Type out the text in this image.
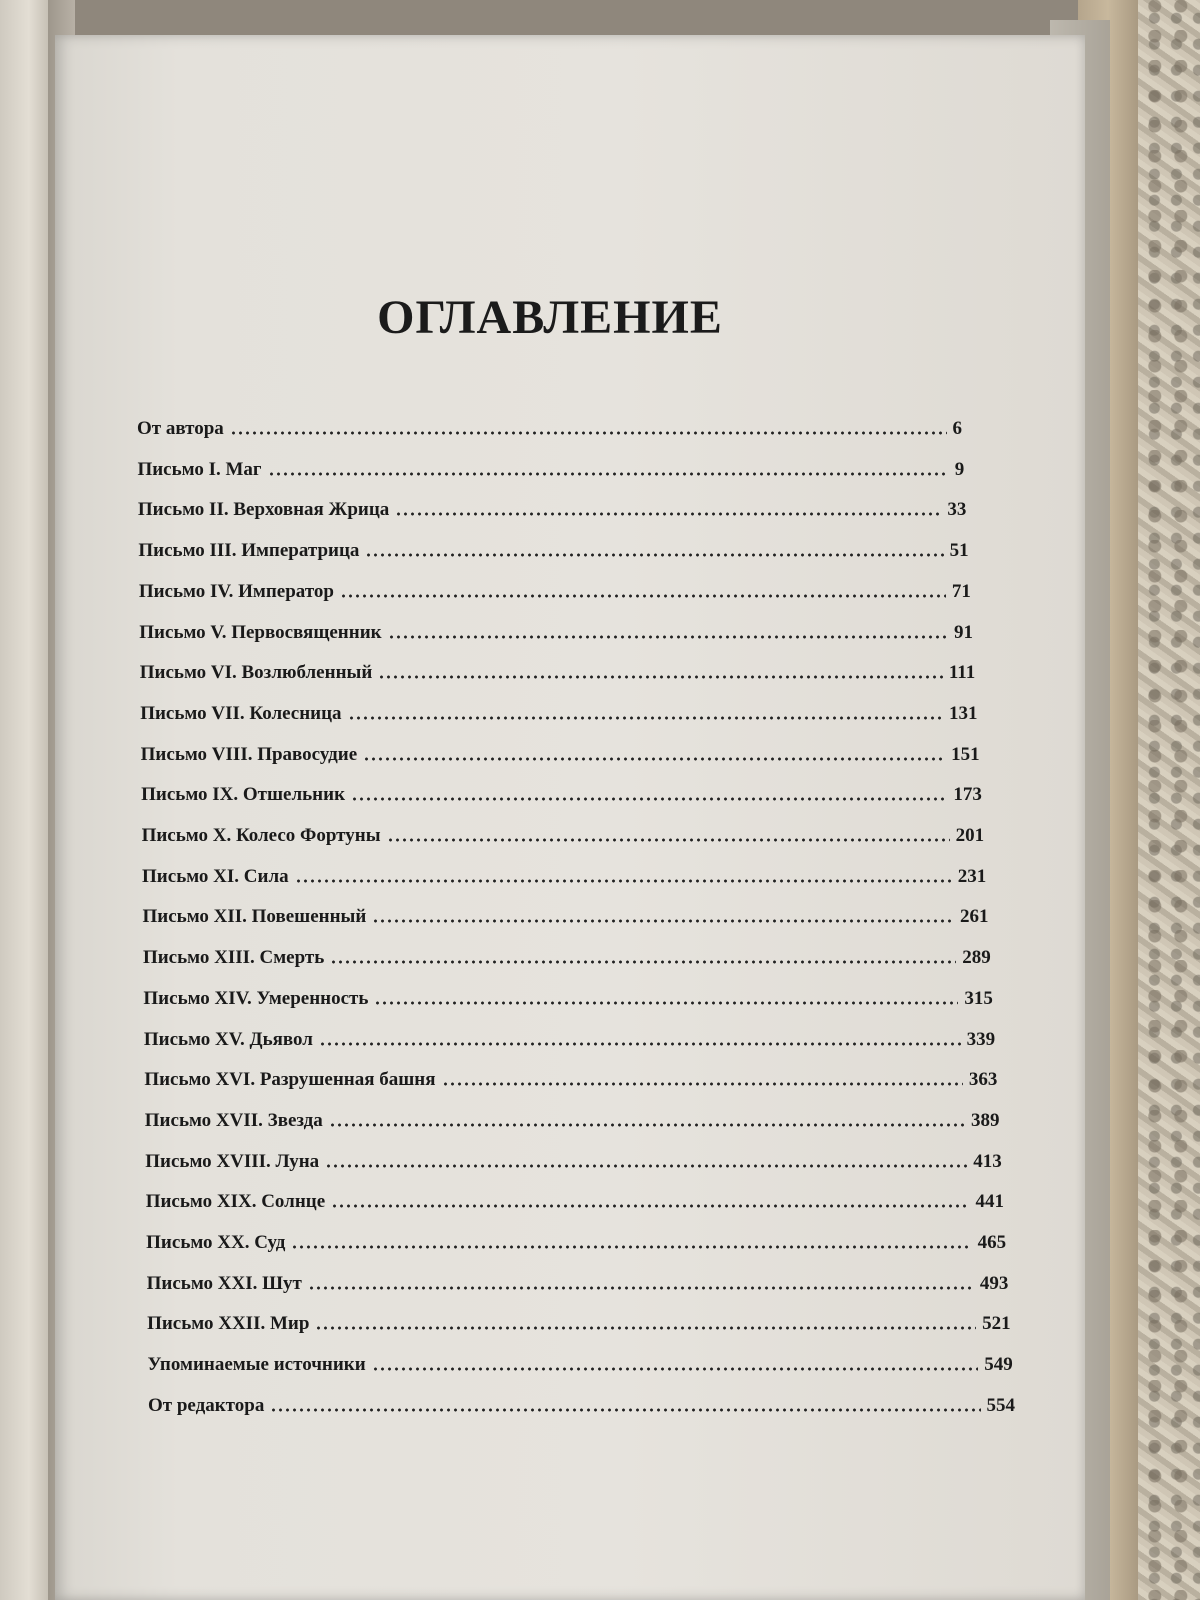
ОГЛАВЛЕНИЕ
От автора	6
Письмо I. Маг	9
Письмо II. Верховная Жрица	33
Письмо III. Императрица	51
Письмо IV. Император	71
Письмо V. Первосвященник	91
Письмо VI. Возлюбленный	111
Письмо VII. Колесница	131
Письмо VIII. Правосудие	151
Письмо IX. Отшельник	173
Письмо X. Колесо Фортуны	201
Письмо XI. Сила	231
Письмо XII. Повешенный	261
Письмо XIII. Смерть	289
Письмо XIV. Умеренность	315
Письмо XV. Дьявол	339
Письмо XVI. Разрушенная башня	363
Письмо XVII. Звезда	389
Письмо XVIII. Луна	413
Письмо XIX. Солнце	441
Письмо XX. Суд	465
Письмо XXI. Шут	493
Письмо XXII. Мир	521
Упоминаемые источники	549
От редактора	554
